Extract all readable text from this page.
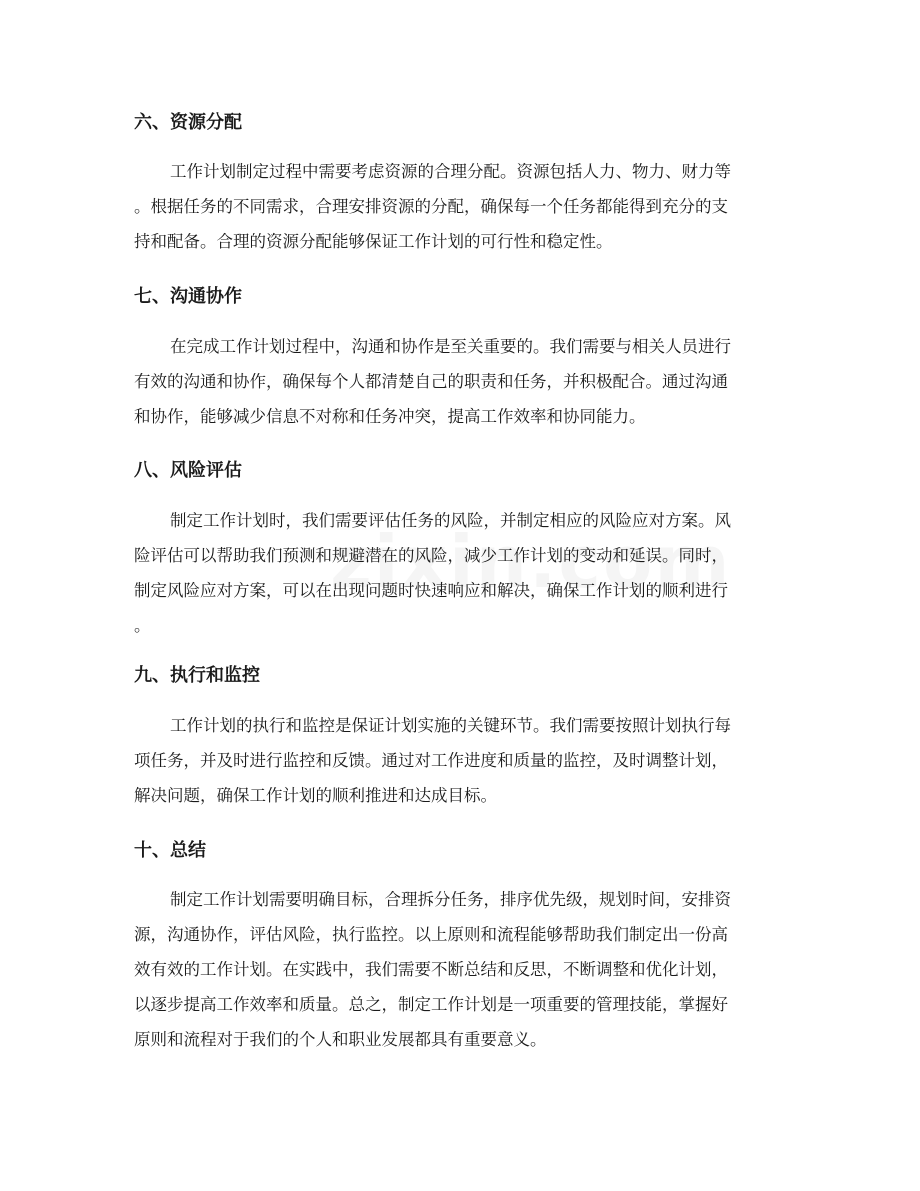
六、资源分配

工作计划制定过程中需要考虑资源的合理分配。资源包括人力、物力、财力等

。根据任务的不同需求，合理安排资源的分配，确保每一个任务都能得到充分的支

持和配备。合理的资源分配能够保证工作计划的可行性和稳定性。

七、沟通协作

在完成工作计划过程中，沟通和协作是至关重要的。我们需要与相关人员进行

有效的沟通和协作，确保每个人都清楚自己的职责和任务，并积极配合。通过沟通

和协作，能够减少信息不对称和任务冲突，提高工作效率和协同能力。

八、风险评估

制定工作计划时，我们需要评估任务的风险，并制定相应的风险应对方案。风

险评估可以帮助我们预测和规避潜在的风险，减少工作计划的变动和延误。同时，

制定风险应对方案，可以在出现问题时快速响应和解决，确保工作计划的顺利进行

。

九、执行和监控

工作计划的执行和监控是保证计划实施的关键环节。我们需要按照计划执行每

项任务，并及时进行监控和反馈。通过对工作进度和质量的监控，及时调整计划，

解决问题，确保工作计划的顺利推进和达成目标。

十、总结

制定工作计划需要明确目标，合理拆分任务，排序优先级，规划时间，安排资

源，沟通协作，评估风险，执行监控。以上原则和流程能够帮助我们制定出一份高

效有效的工作计划。在实践中，我们需要不断总结和反思，不断调整和优化计划，

以逐步提高工作效率和质量。总之，制定工作计划是一项重要的管理技能，掌握好

原则和流程对于我们的个人和职业发展都具有重要意义。
